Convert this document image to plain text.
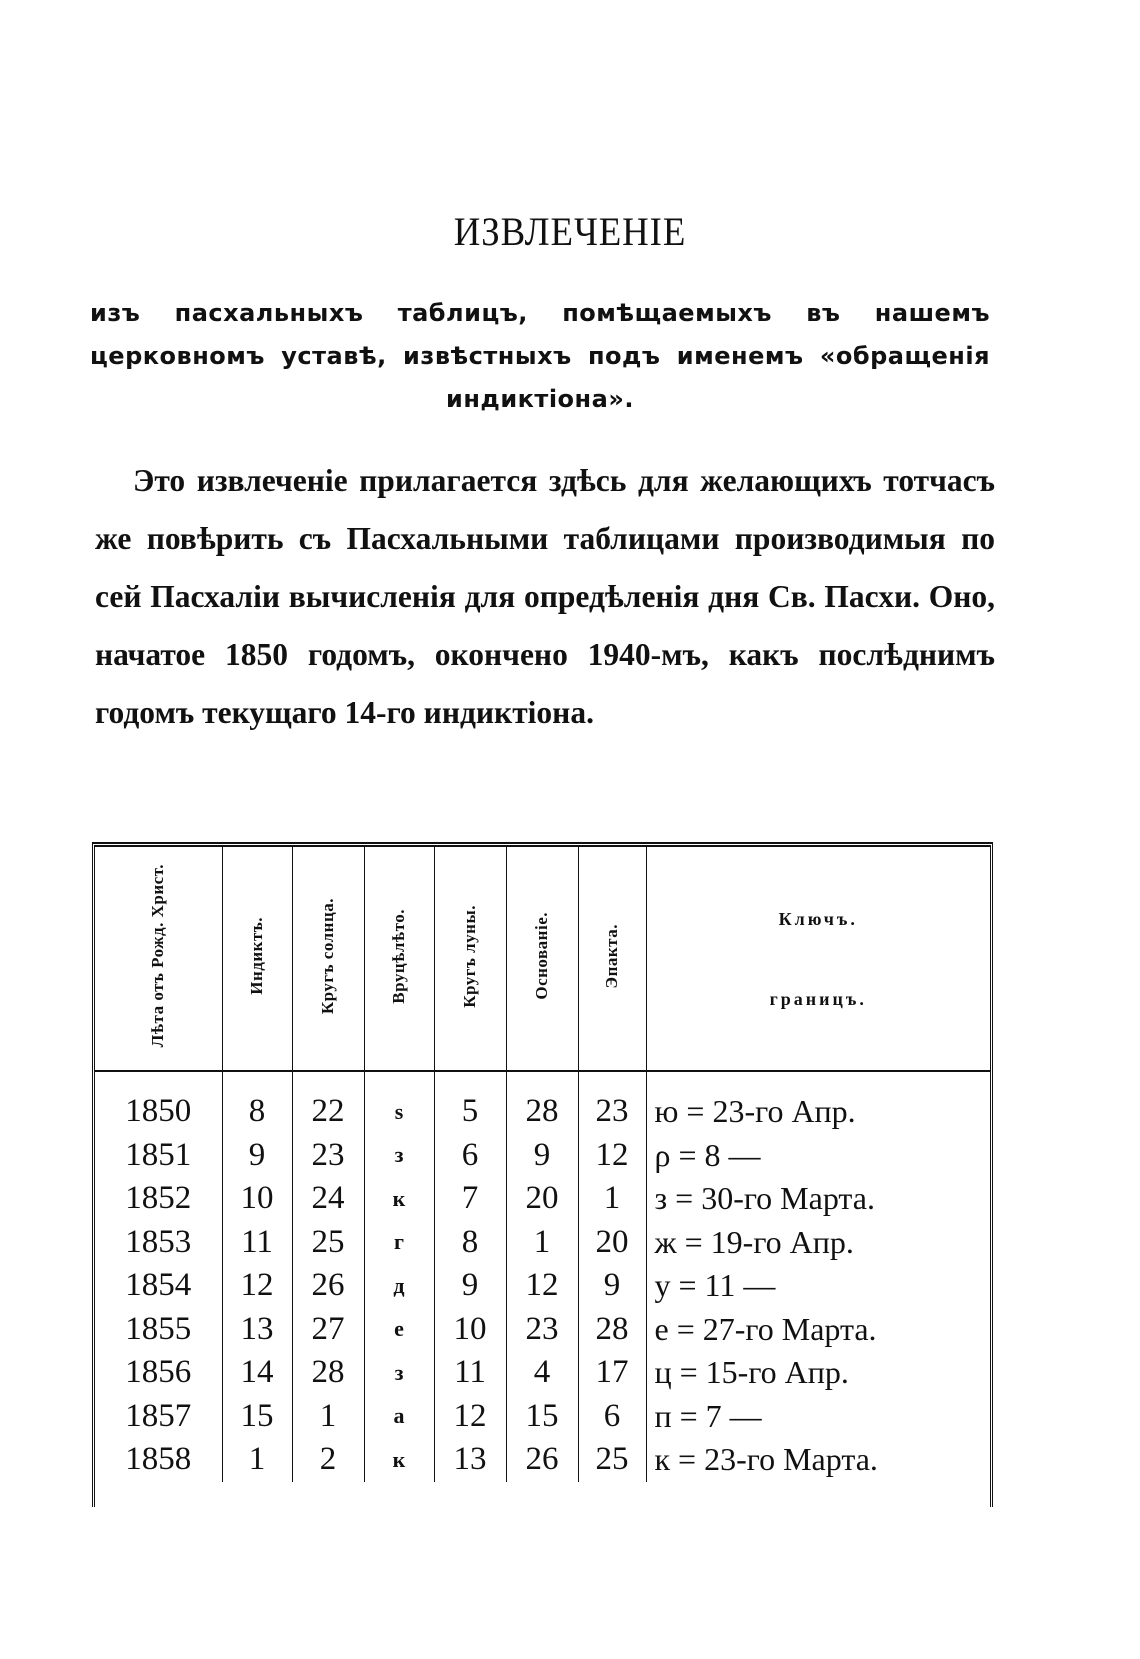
ИЗВЛЕЧЕНІЕ
изъ пасхальныхъ таблицъ, помѣщаемыхъ въ нашемъ церковномъ уставѣ, извѣстныхъ подъ именемъ «обращенія индиктіона».
Это извлеченіе прилагается здѣсь для желающихъ тотчасъ же повѣрить съ Пасхальными таблицами производимыя по сей Пасхаліи вычисленія для опредѣленія дня Св. Пасхи. Оно, начатое 1850 годомъ, окончено 1940-мъ, какъ послѣднимъ годомъ текущаго 14-го индиктіона.
Лѣта отъ Рожд. Христ.	Индиктъ.	Кругъ солнца.	Вруцѣлѣто.	Кругъ луны.	Основаніе.	Эпакта.	Ключъ.
границъ.

1850	8	22	ѕ	5	28	23	ю = 23-го Апр.
1851	9	23	з	6	9	12	ρ = 8 —
1852	10	24	к	7	20	1	з = 30-го Марта.
1853	11	25	г	8	1	20	ж = 19-го Апр.
1854	12	26	д	9	12	9	у = 11 —
1855	13	27	е	10	23	28	е = 27-го Марта.
1856	14	28	з	11	4	17	ц = 15-го Апр.
1857	15	1	а	12	15	6	п = 7 —
1858	1	2	к	13	26	25	к = 23-го Марта.
